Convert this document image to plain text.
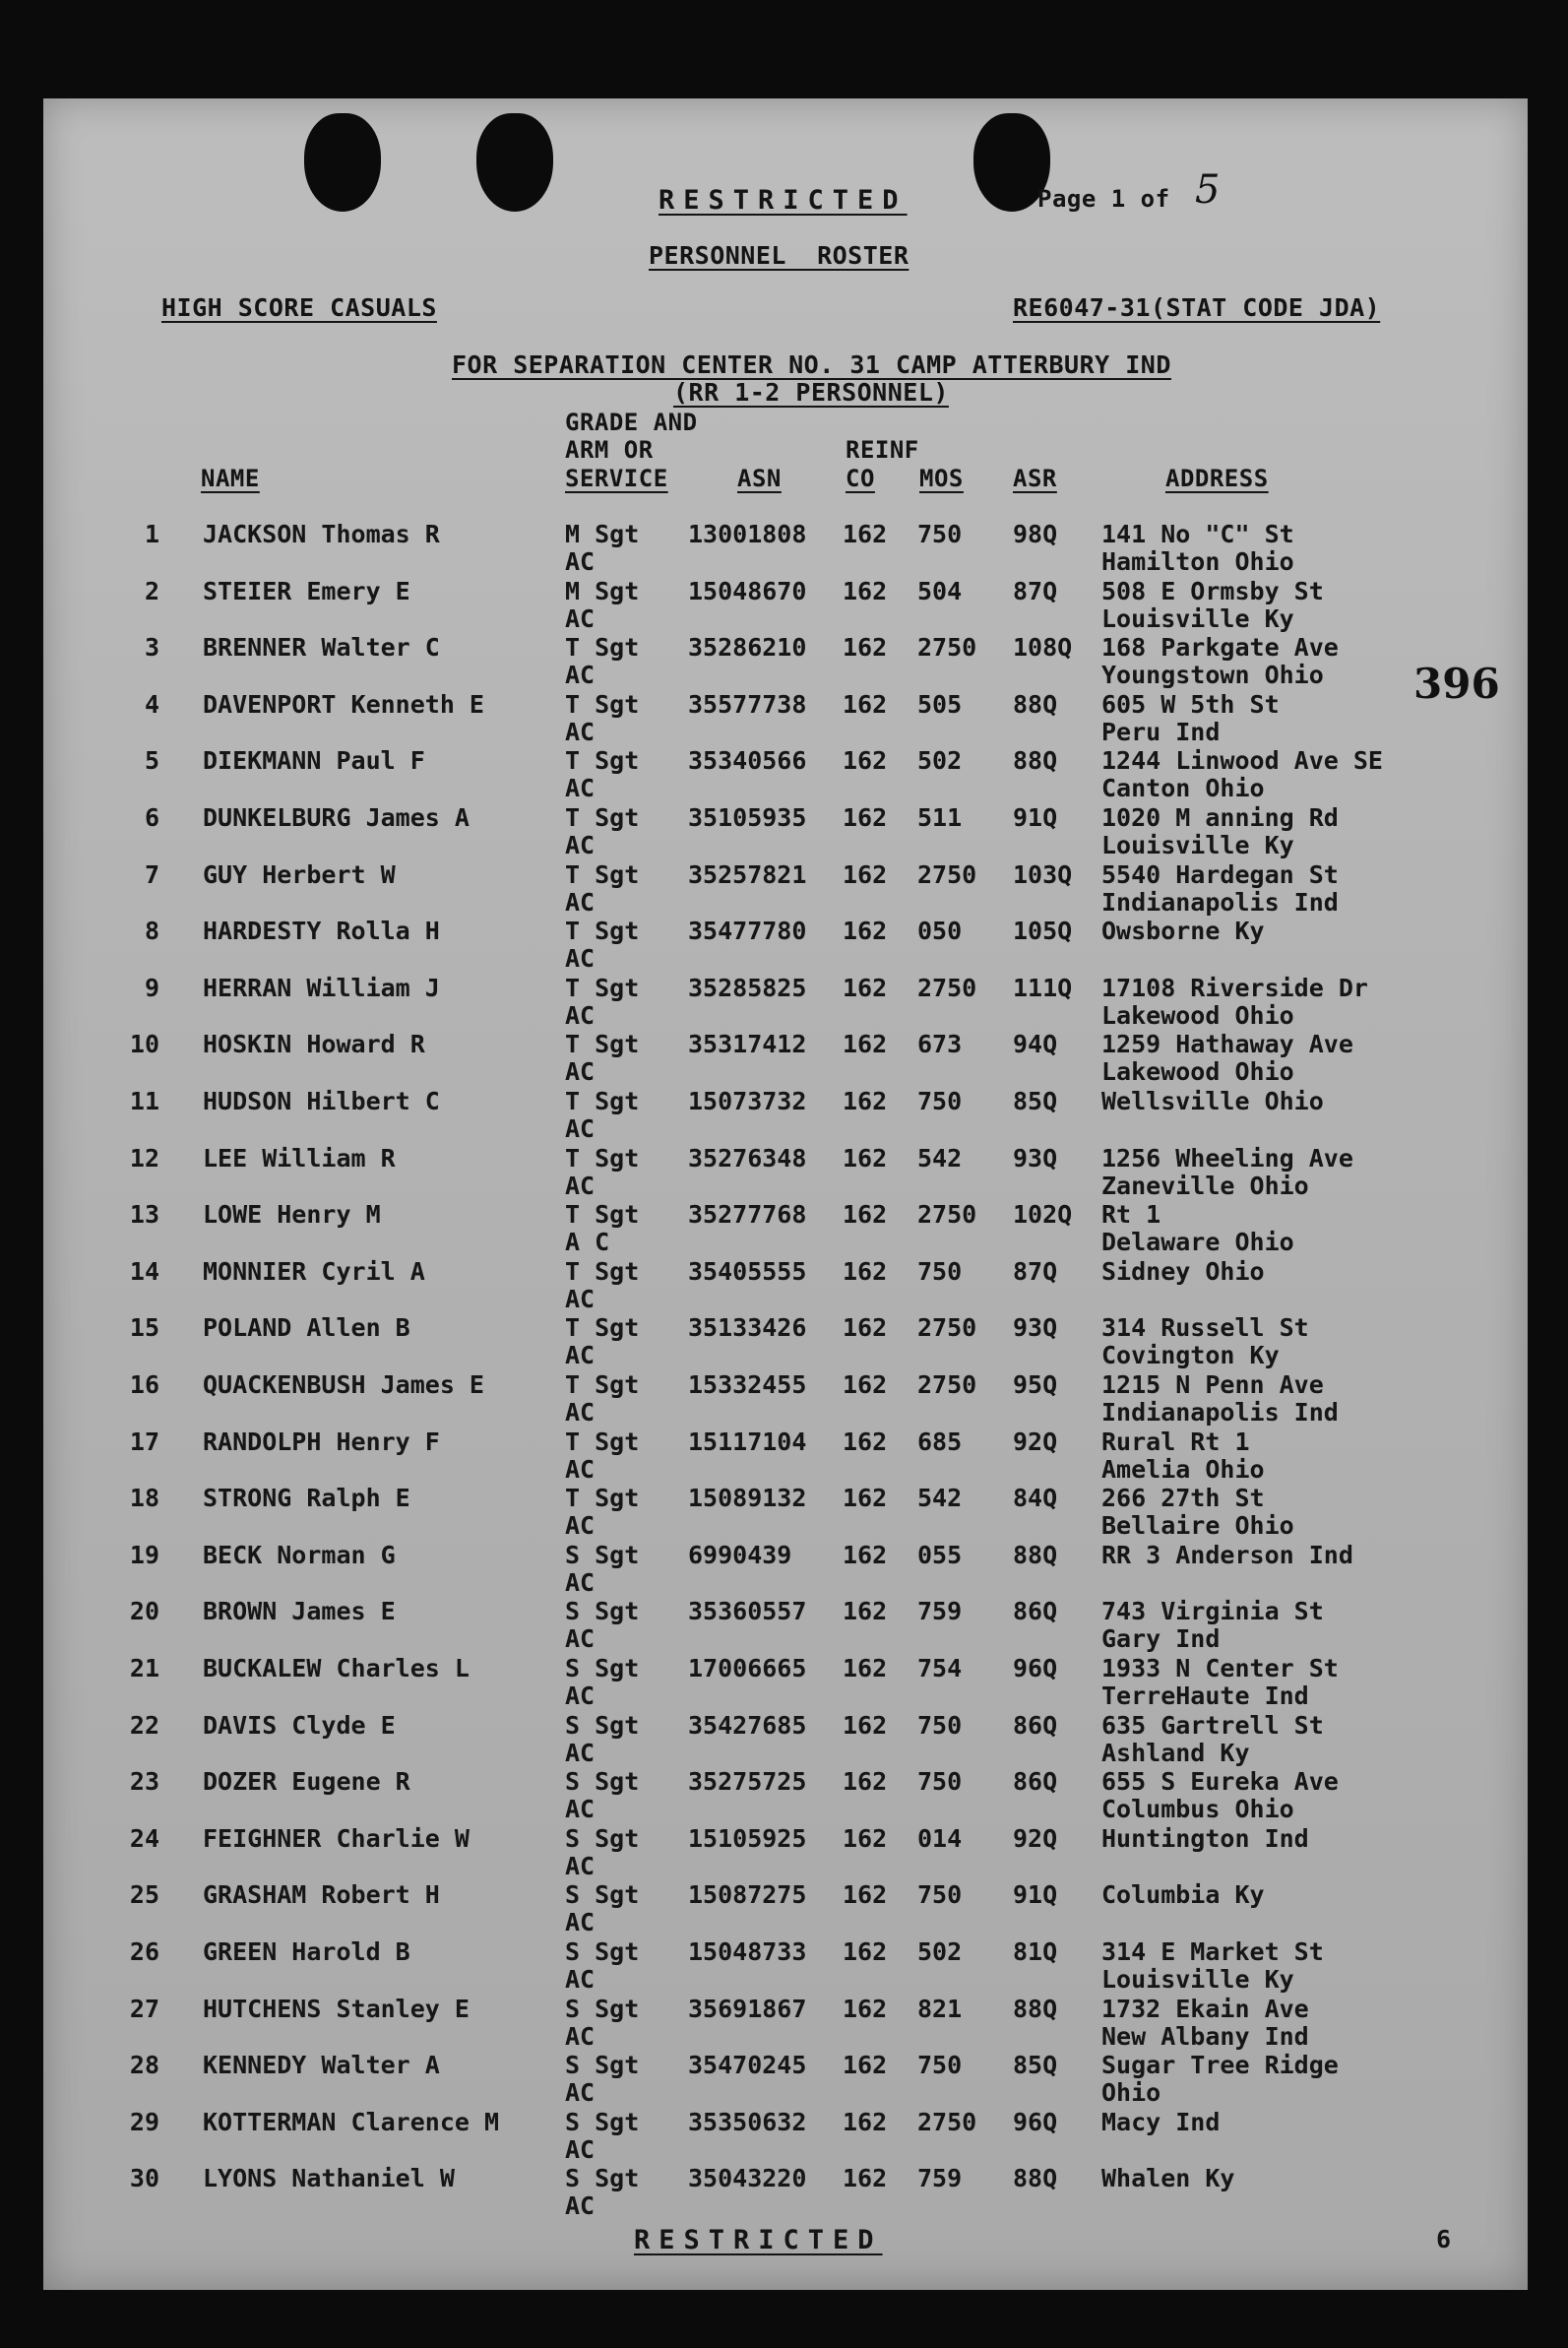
RESTRICTED	Page 1 of 5
PERSONNEL  ROSTER
HIGH SCORE CASUALS	RE6047-31(STAT CODE JDA)
FOR SEPARATION CENTER NO. 31 CAMP ATTERBURY IND
(RR 1-2 PERSONNEL)
GRADE AND
ARM OR	REINF
NAME	SERVICE	ASN	CO MOS ASR	ADDRESS
1 JACKSON Thomas R	M Sgt 13001808 162 750 98Q 141 No "C" St
AC	Hamilton Ohio
2 STEIER Emery E	M Sgt 15048670 162 504 87Q 508 E Ormsby St
AC	Louisville Ky
3 BRENNER Walter C	T Sgt 35286210 162 2750 108Q 168 Parkgate Ave
AC	Youngstown Ohio
4 DAVENPORT Kenneth E	T Sgt 35577738 162 505 88Q 605 W 5th St
AC	Peru Ind
5 DIEKMANN Paul F	T Sgt 35340566 162 502 88Q 1244 Linwood Ave SE
AC	Canton Ohio
6 DUNKELBURG James A	T Sgt 35105935 162 511 91Q 1020 M anning Rd
AC	Louisville Ky
7 GUY Herbert W	T Sgt 35257821 162 2750 103Q 5540 Hardegan St
AC	Indianapolis Ind
8 HARDESTY Rolla H	T Sgt 35477780 162 050 105Q Owsborne Ky
AC
9 HERRAN William J	T Sgt 35285825 162 2750 111Q 17108 Riverside Dr
AC	Lakewood Ohio
10 HOSKIN Howard R	T Sgt 35317412 162 673 94Q 1259 Hathaway Ave
AC	Lakewood Ohio
11 HUDSON Hilbert C	T Sgt 15073732 162 750 85Q Wellsville Ohio
AC
12 LEE William R	T Sgt 35276348 162 542 93Q 1256 Wheeling Ave
AC	Zaneville Ohio
13 LOWE Henry M	T Sgt 35277768 162 2750 102Q Rt 1
A C	Delaware Ohio
14 MONNIER Cyril A	T Sgt 35405555 162 750 87Q Sidney Ohio
AC
15 POLAND Allen B	T Sgt 35133426 162 2750 93Q 314 Russell St
AC	Covington Ky
16 QUACKENBUSH James E	T Sgt 15332455 162 2750 95Q 1215 N Penn Ave
AC	Indianapolis Ind
17 RANDOLPH Henry F	T Sgt 15117104 162 685 92Q Rural Rt 1
AC	Amelia Ohio
18 STRONG Ralph E	T Sgt 15089132 162 542 84Q 266 27th St
AC	Bellaire Ohio
19 BECK Norman G	S Sgt 6990439 162 055 88Q RR 3 Anderson Ind
AC
20 BROWN James E	S Sgt 35360557 162 759 86Q 743 Virginia St
AC	Gary Ind
21 BUCKALEW Charles L	S Sgt 17006665 162 754 96Q 1933 N Center St
AC	TerreHaute Ind
22 DAVIS Clyde E	S Sgt 35427685 162 750 86Q 635 Gartrell St
AC	Ashland Ky
23 DOZER Eugene R	S Sgt 35275725 162 750 86Q 655 S Eureka Ave
AC	Columbus Ohio
24 FEIGHNER Charlie W	S Sgt 15105925 162 014 92Q Huntington Ind
AC
25 GRASHAM Robert H	S Sgt 15087275 162 750 91Q Columbia Ky
AC
26 GREEN Harold B	S Sgt 15048733 162 502 81Q 314 E Market St
AC	Louisville Ky
27 HUTCHENS Stanley E	S Sgt 35691867 162 821 88Q 1732 Ekain Ave
AC	New Albany Ind
28 KENNEDY Walter A	S Sgt 35470245 162 750 85Q Sugar Tree Ridge
AC	Ohio
29 KOTTERMAN Clarence M	S Sgt 35350632 162 2750 96Q Macy Ind
AC
30 LYONS Nathaniel W	S Sgt 35043220 162 759 88Q Whalen Ky
AC
RESTRICTED	6
396
